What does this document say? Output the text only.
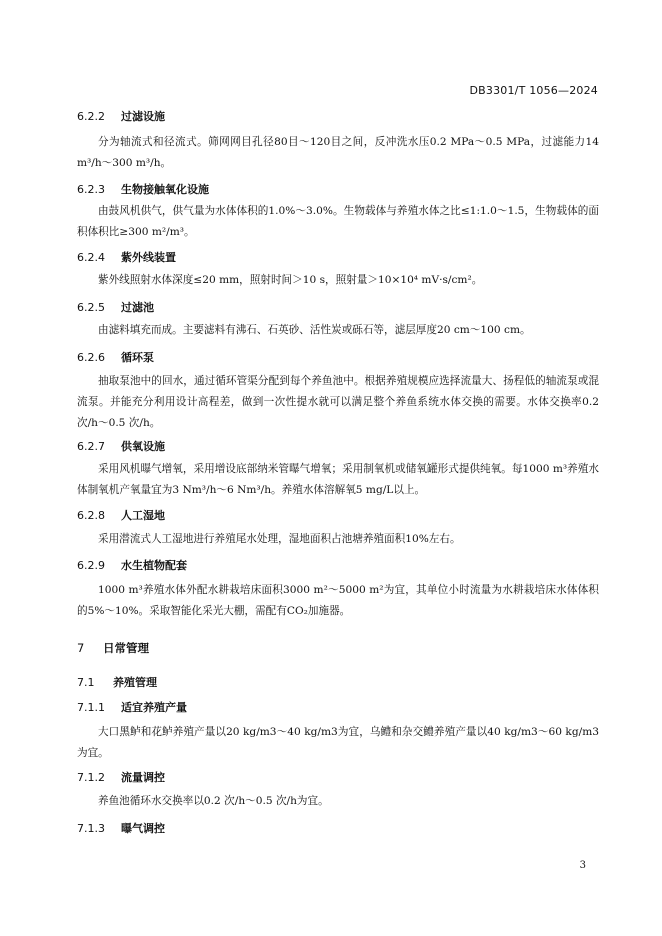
DB3301/T 1056—2024
6.2.2 过滤设施
分为轴流式和径流式。筛网网目孔径80目～120目之间，反冲洗水压0.2 MPa～0.5 MPa，过滤能力14 m³/h～300 m³/h。
6.2.3 生物接触氧化设施
由鼓风机供气，供气量为水体体积的1.0%～3.0%。生物载体与养殖水体之比≤1:1.0～1.5，生物载体的面积体积比≥300 m²/m³。
6.2.4 紫外线装置
紫外线照射水体深度≤20 mm，照射时间＞10 s，照射量＞10×10⁴ mV·s/cm²。
6.2.5 过滤池
由滤料填充而成。主要滤料有沸石、石英砂、活性炭或砾石等，滤层厚度20 cm～100 cm。
6.2.6 循环泵
抽取泵池中的回水，通过循环管渠分配到每个养鱼池中。根据养殖规模应选择流量大、扬程低的轴流泵或混流泵。并能充分利用设计高程差，做到一次性提水就可以满足整个养鱼系统水体交换的需要。水体交换率0.2 次/h～0.5 次/h。
6.2.7 供氧设施
采用风机曝气增氧，采用增设底部纳米管曝气增氧；采用制氧机或储氧罐形式提供纯氧。每1000 m³养殖水体制氧机产氧量宜为3 Nm³/h～6 Nm³/h。养殖水体溶解氧5 mg/L以上。
6.2.8 人工湿地
采用潜流式人工湿地进行养殖尾水处理，湿地面积占池塘养殖面积10%左右。
6.2.9 水生植物配套
1000 m³养殖水体外配水耕栽培床面积3000 m²～5000 m²为宜，其单位小时流量为水耕栽培床水体体积的5%～10%。采取智能化采光大棚，需配有CO₂加施器。
7 日常管理
7.1 养殖管理
7.1.1 适宜养殖产量
大口黑鲈和花鲈养殖产量以20 kg/m3～40 kg/m3为宜，乌鳢和杂交鳢养殖产量以40 kg/m3～60 kg/m3为宜。
7.1.2 流量调控
养鱼池循环水交换率以0.2 次/h～0.5 次/h为宜。
7.1.3 曝气调控
3
